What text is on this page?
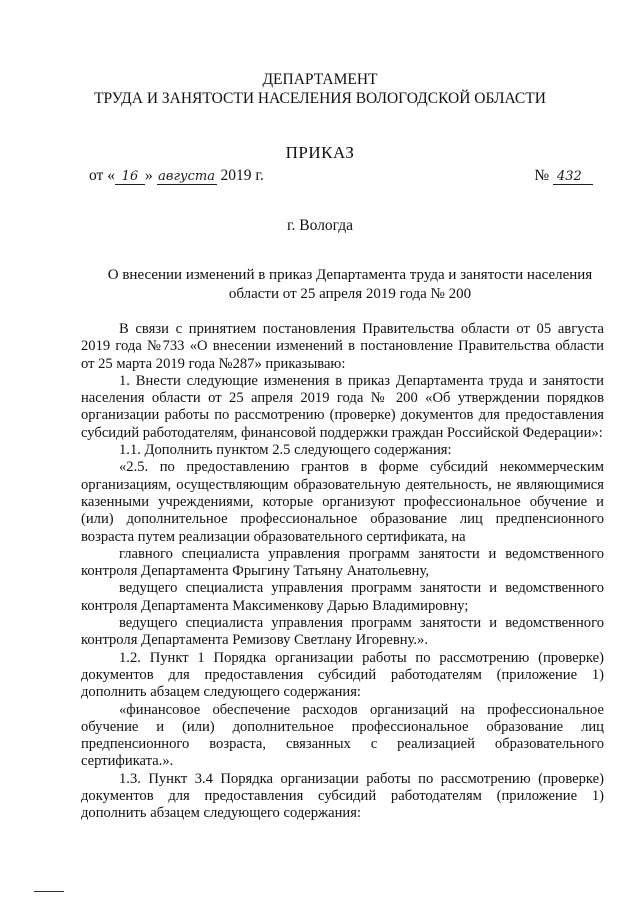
ДЕПАРТАМЕНТ
ТРУДА И ЗАНЯТОСТИ НАСЕЛЕНИЯ ВОЛОГОДСКОЙ ОБЛАСТИ
ПРИКАЗ
от « 16 » августа 2019 г.	№ 432
г. Вологда
О внесении изменений в приказ Департамента труда и занятости населения
области от 25 апреля 2019 года № 200

В связи с принятием постановления Правительства области от 05 августа 2019 года №733 «О внесении изменений в постановление Правительства области от 25 марта 2019 года №287» приказываю:

1. Внести следующие изменения в приказ Департамента труда и занятости населения области от 25 апреля 2019 года № 200 «Об утверждении порядков организации работы по рассмотрению (проверке) документов для предоставления субсидий работодателям, финансовой поддержки граждан Российской Федерации»:

1.1. Дополнить пунктом 2.5 следующего содержания:

«2.5. по предоставлению грантов в форме субсидий некоммерческим организациям, осуществляющим образовательную деятельность, не являющимися казенными учреждениями, которые организуют профессиональное обучение и (или) дополнительное профессиональное образование лиц предпенсионного возраста путем реализации образовательного сертификата, на

главного специалиста управления программ занятости и ведомственного контроля Департамента Фрыгину Татьяну Анатольевну,

ведущего специалиста управления программ занятости и ведомственного контроля Департамента Максименкову Дарью Владимировну;

ведущего специалиста управления программ занятости и ведомственного контроля Департамента Ремизову Светлану Игоревну.».

1.2. Пункт 1 Порядка организации работы по рассмотрению (проверке) документов для предоставления субсидий работодателям (приложение 1) дополнить абзацем следующего содержания:

«финансовое обеспечение расходов организаций на профессиональное обучение и (или) дополнительное профессиональное образование лиц предпенсионного возраста, связанных с реализацией образовательного сертификата.».

1.3. Пункт 3.4 Порядка организации работы по рассмотрению (проверке) документов для предоставления субсидий работодателям (приложение 1) дополнить абзацем следующего содержания:
